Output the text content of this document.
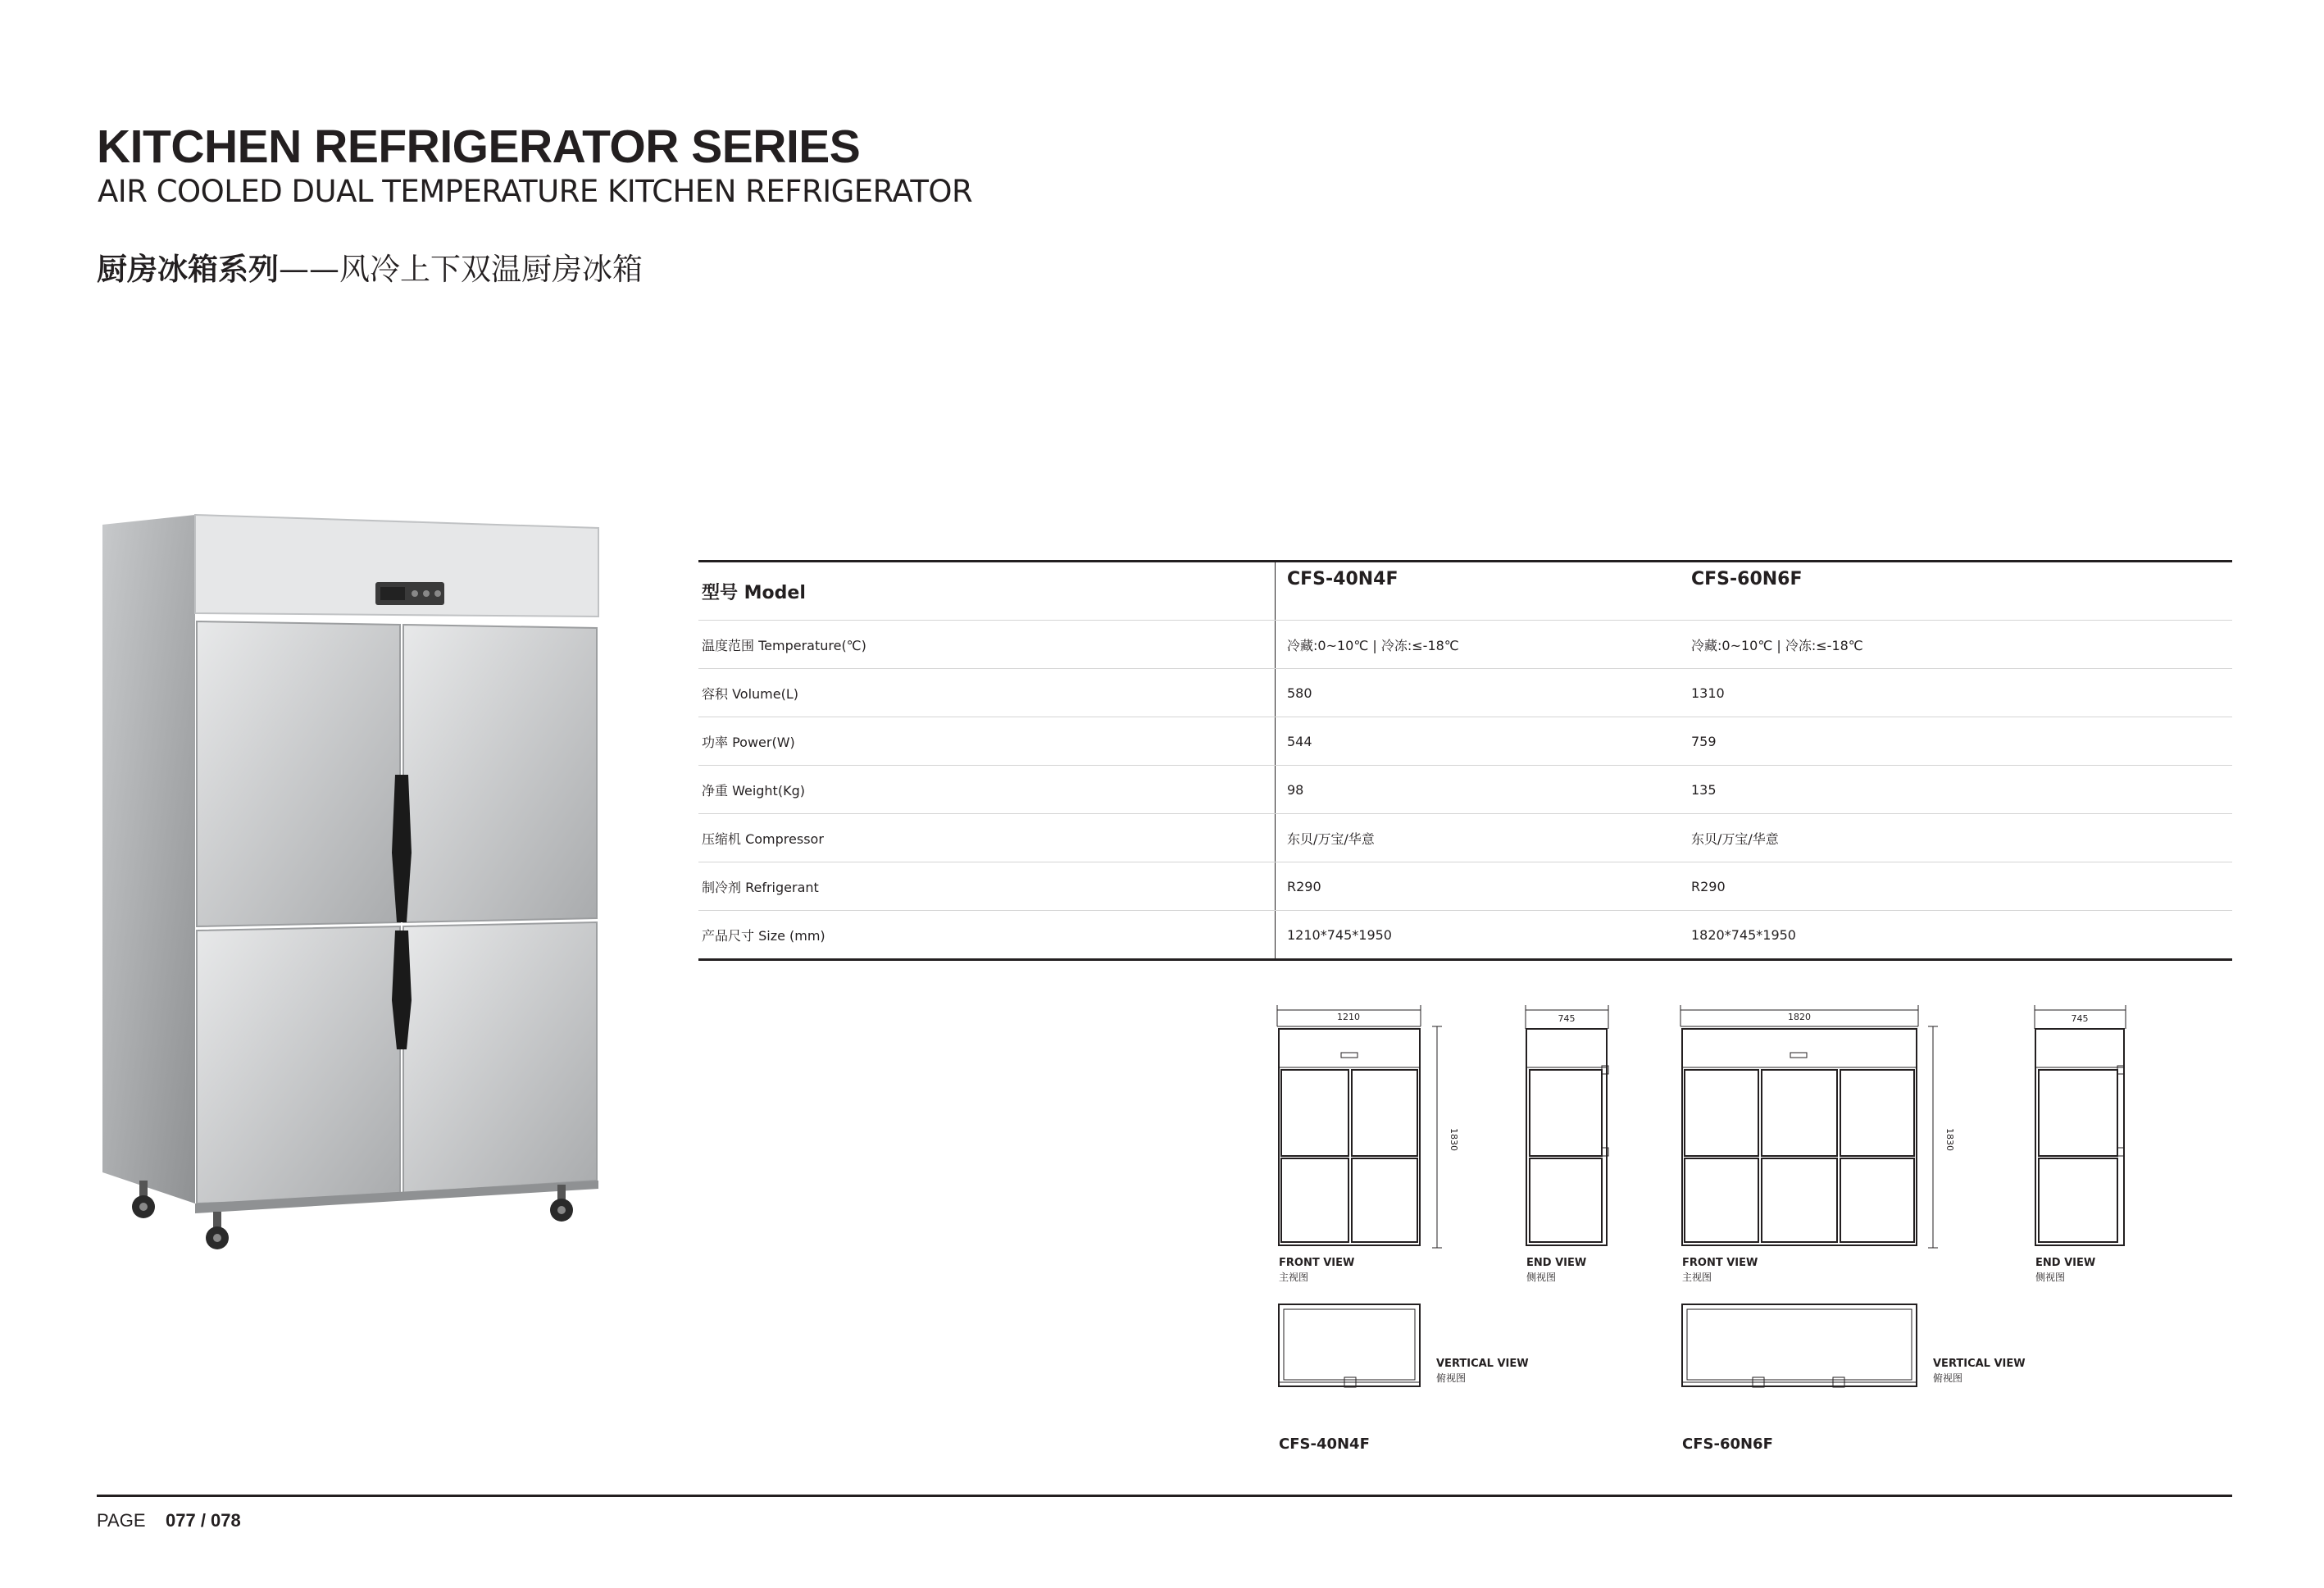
KITCHEN REFRIGERATOR SERIES
AIR COOLED DUAL TEMPERATURE KITCHEN REFRIGERATOR
厨房冰箱系列——风冷上下双温厨房冰箱
型号 Model	CFS-40N4F	CFS-60N6F
温度范围 Temperature(℃)	冷藏:0~10℃ | 冷冻:≤-18℃	冷藏:0~10℃ | 冷冻:≤-18℃
容积 Volume(L)	580	1310
功率 Power(W)	544	759
净重 Weight(Kg)	98	135
压缩机 Compressor	东贝/万宝/华意	东贝/万宝/华意
制冷剂 Refrigerant	R290	R290
产品尺寸 Size (mm)	1210*745*1950	1820*745*1950
1210	745
1830
FRONT VIEW
主视图
END VIEW
侧视图
VERTICAL VIEW
俯视图
CFS-40N4F
1820	745
1830
FRONT VIEW
主视图
END VIEW
侧视图
VERTICAL VIEW
俯视图
CFS-60N6F
PAGE 077 / 078
